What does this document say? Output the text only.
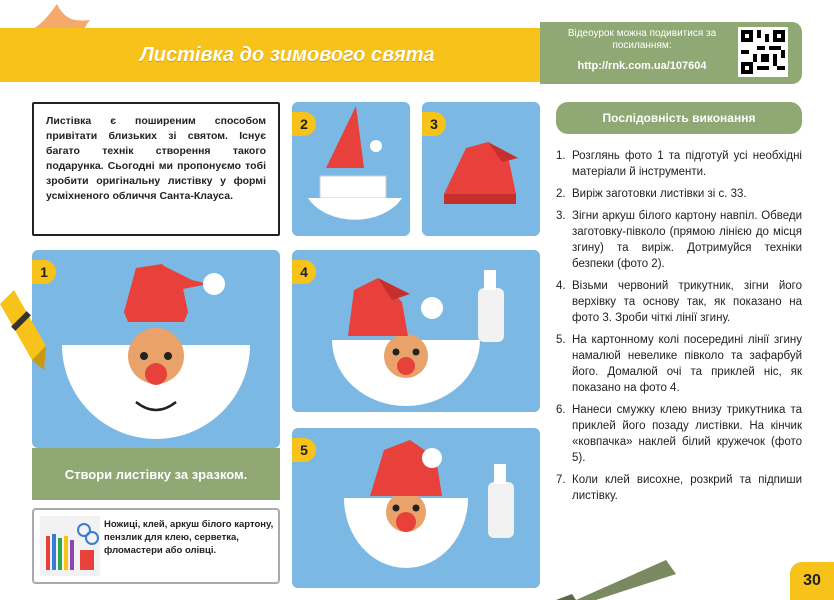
Листівка до зимового свята
Відеоурок можна подивитися за посиланням:
http://rnk.com.ua/107604
Листівка є поширеним способом привітати близьких зі святом. Існує багато технік створення такого подарунка. Сьогодні ми пропонуємо тобі зробити оригінальну листівку у формі усміхненого обличчя Санта-Клауса.
1
Створи листівку за зразком.
Ножиці, клей, аркуш білого картону, пензлик для клею, серветка, фломастери або олівці.
2	3
4
5
Послідовність виконання
1. Розглянь фото 1 та підготуй усі необхідні матеріали й інструменти.
2. Виріж заготовки листівки зі с. 33.
3. Зігни аркуш білого картону навпіл. Обведи заготовку-півколо (прямою лінією до місця згину) та виріж. Дотримуйся техніки безпеки (фото 2).
4. Візьми червоний трикутник, зігни його верхівку та основу так, як показано на фото 3. Зроби чіткі лінії згину.
5. На картонному колі посередині лінії згину намалюй невелике півколо та зафарбуй його. Домалюй очі та приклей ніс, як показано на фото 4.
6. Нанеси смужку клею внизу трикутника та приклей його позаду листівки. На кінчик «ковпачка» наклей білий кружечок (фото 5).
7. Коли клей висохне, розкрий та підпиши листівку.
30
